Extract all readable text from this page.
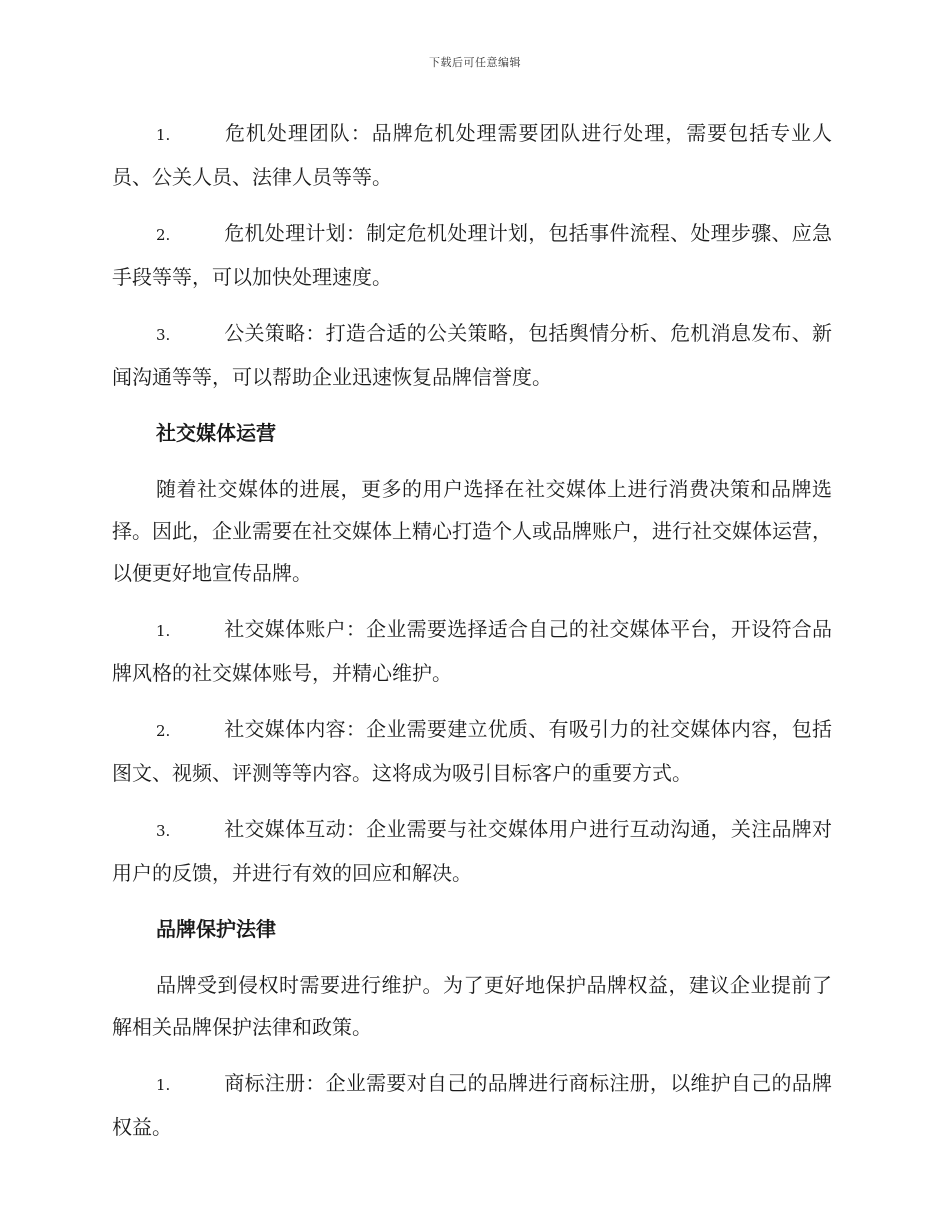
下载后可任意编辑

1.	危机处理团队：品牌危机处理需要团队进行处理，需要包括专业人员、公关人员、法律人员等等。

2.	危机处理计划：制定危机处理计划，包括事件流程、处理步骤、应急手段等等，可以加快处理速度。

3.	公关策略：打造合适的公关策略，包括舆情分析、危机消息发布、新闻沟通等等，可以帮助企业迅速恢复品牌信誉度。

社交媒体运营

随着社交媒体的进展，更多的用户选择在社交媒体上进行消费决策和品牌选择。因此，企业需要在社交媒体上精心打造个人或品牌账户，进行社交媒体运营，以便更好地宣传品牌。

1.	社交媒体账户：企业需要选择适合自己的社交媒体平台，开设符合品牌风格的社交媒体账号，并精心维护。

2.	社交媒体内容：企业需要建立优质、有吸引力的社交媒体内容，包括图文、视频、评测等等内容。这将成为吸引目标客户的重要方式。

3.	社交媒体互动：企业需要与社交媒体用户进行互动沟通，关注品牌对用户的反馈，并进行有效的回应和解决。

品牌保护法律

品牌受到侵权时需要进行维护。为了更好地保护品牌权益，建议企业提前了解相关品牌保护法律和政策。

1.	商标注册：企业需要对自己的品牌进行商标注册，以维护自己的品牌权益。
